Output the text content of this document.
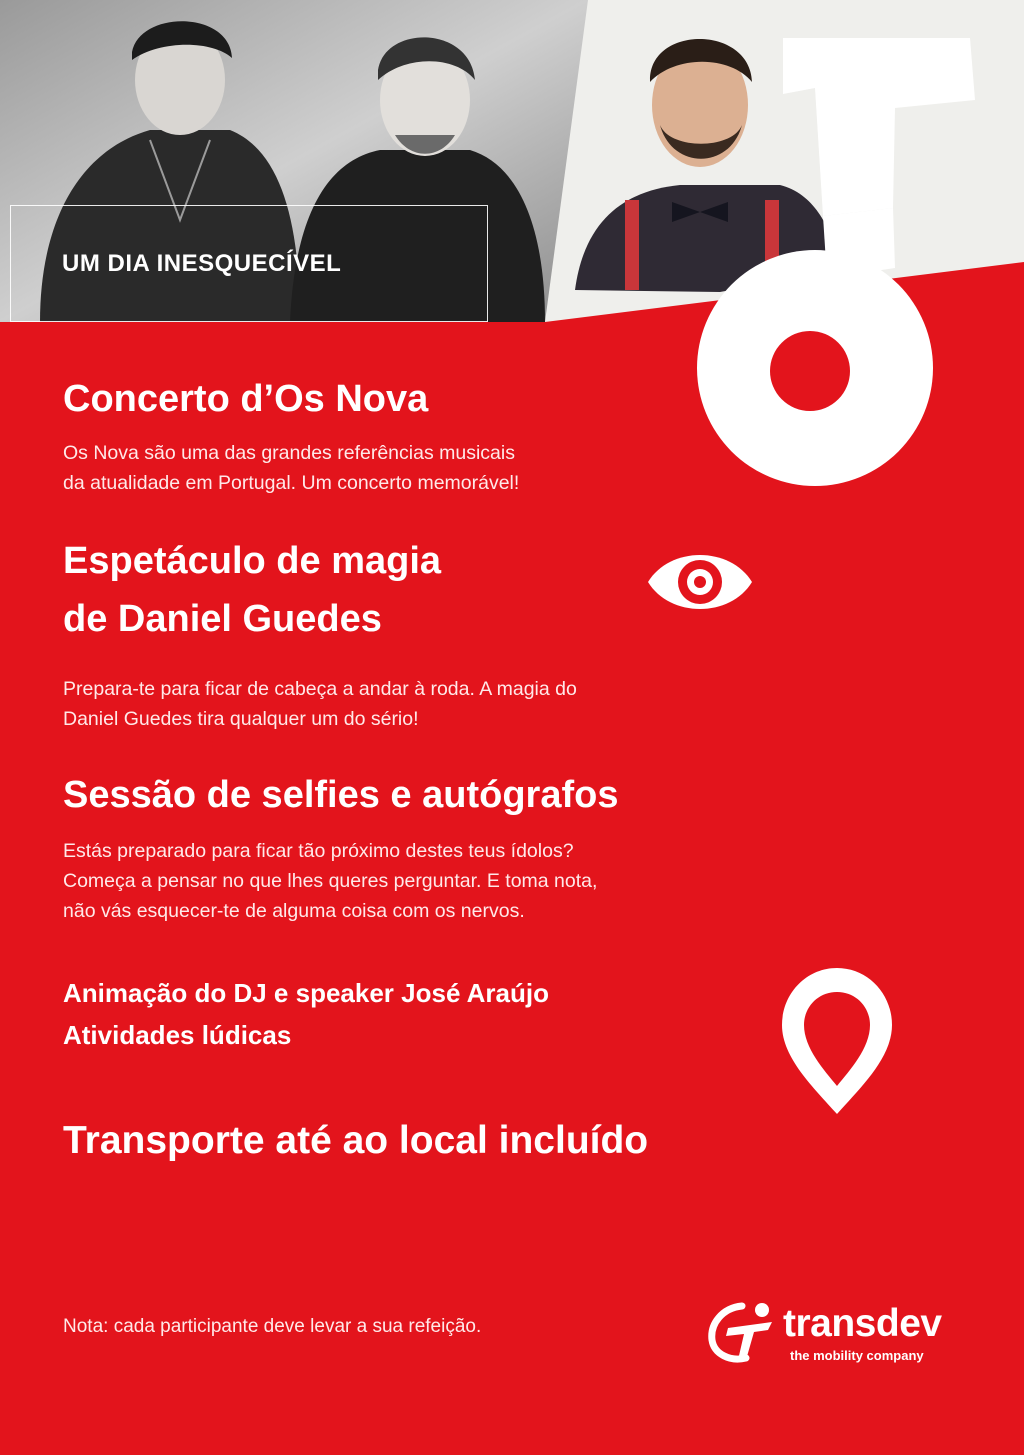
UM DIA INESQUECÍVEL
Concerto d’Os Nova
Os Nova são uma das grandes referências musicais
da atualidade em Portugal. Um concerto memorável!
Espetáculo de magia
de Daniel Guedes
Prepara-te para ficar de cabeça a andar à roda. A magia do
Daniel Guedes tira qualquer um do sério!
Sessão de selfies e autógrafos
Estás preparado para ficar tão próximo destes teus ídolos?
Começa a pensar no que lhes queres perguntar. E toma nota,
não vás esquecer-te de alguma coisa com os nervos.
Animação do DJ e speaker José Araújo
Atividades lúdicas
Transporte até ao local incluído
Nota: cada participante deve levar a sua refeição.	transdev
the mobility company
